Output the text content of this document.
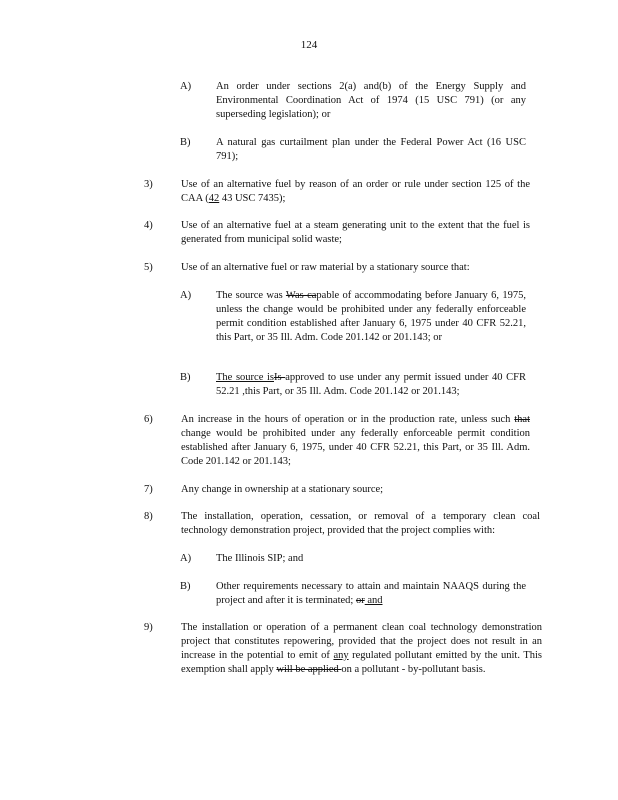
124
A) An order under sections 2(a) and(b) of the Energy Supply and Environmental Coordination Act of 1974 (15 USC 791) (or any superseding legislation); or
B) A natural gas curtailment plan under the Federal Power Act (16 USC 791);
3)	Use of an alternative fuel by reason of an order or rule under section 125 of the CAA (42 43 USC 7435);
4)	Use of an alternative fuel at a steam generating unit to the extent that the fuel is generated from municipal solid waste;
5)	Use of an alternative fuel or raw material by a stationary source that:
A) The source was Was capable of accommodating before January 6, 1975, unless the change would be prohibited under any federally enforceable permit condition established after January 6, 1975 under 40 CFR 52.21, this Part, or 35 Ill. Adm. Code 201.142 or 201.143; or
B) The source isIs approved to use under any permit issued under 40 CFR 52.21 ,this Part, or 35 Ill. Adm. Code 201.142 or 201.143;
6)	An increase in the hours of operation or in the production rate, unless such that change would be prohibited under any federally enforceable permit condition established after January 6, 1975, under 40 CFR 52.21, this Part, or 35 Ill. Adm. Code 201.142 or 201.143;
7)	Any change in ownership at a stationary source;
8)	The installation, operation, cessation, or removal of a temporary clean coal technology demonstration project, provided that the project complies with:
A) The Illinois SIP; and
B) Other requirements necessary to attain and maintain NAAQS during the project and after it is terminated; or and
9)	The installation or operation of a permanent clean coal technology demonstration project that constitutes repowering, provided that the project does not result in an increase in the potential to emit of any regulated pollutant emitted by the unit. This exemption shall apply will be applied on a pollutant - by-pollutant basis.
